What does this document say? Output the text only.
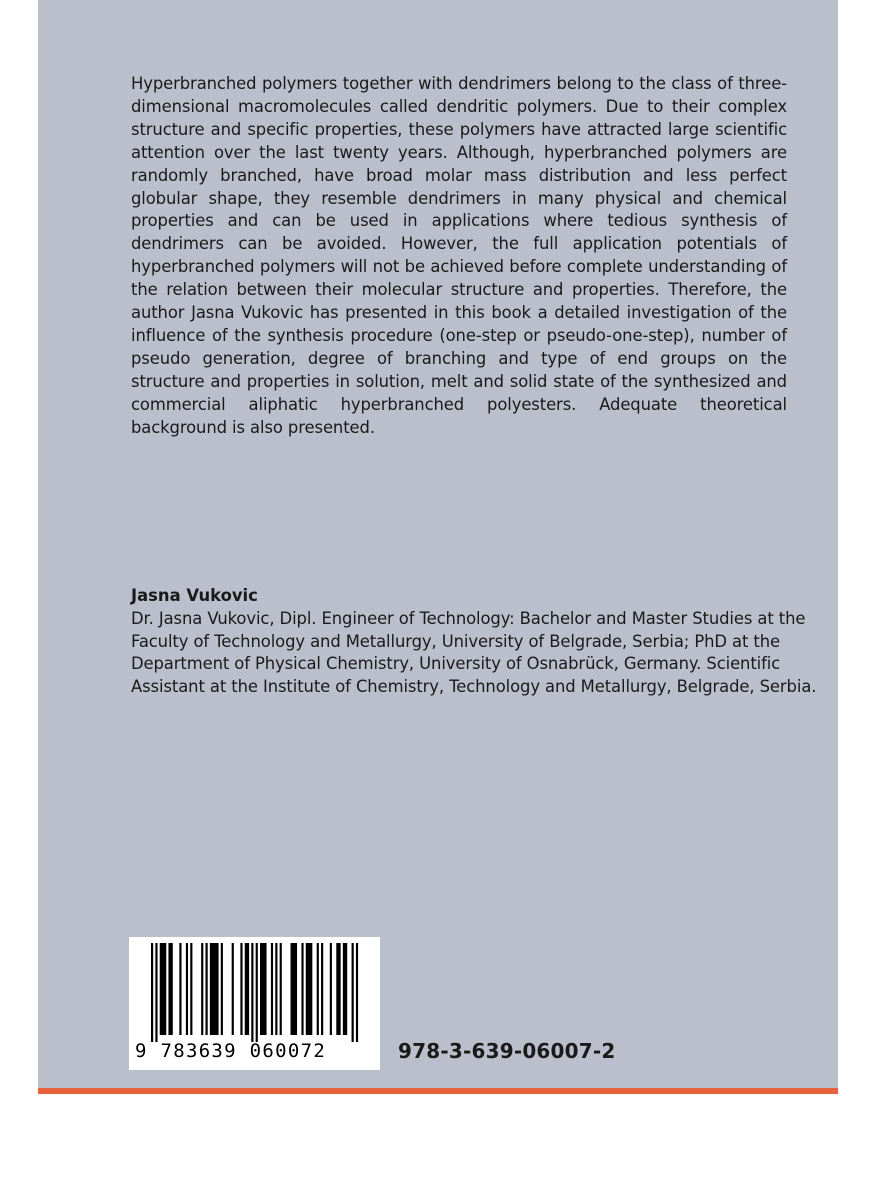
Hyperbranched polymers together with dendrimers belong to the class of three-dimensional macromolecules called dendritic polymers. Due to their complex structure and specific properties, these polymers have attracted large scientific attention over the last twenty years. Although, hyperbranched polymers are randomly branched, have broad molar mass distribution and less perfect globular shape, they resemble dendrimers in many physical and chemical properties and can be used in applications where tedious synthesis of dendrimers can be avoided. However, the full application potentials of hyperbranched polymers will not be achieved before complete understanding of the relation between their molecular structure and properties. Therefore, the author Jasna Vukovic has presented in this book a detailed investigation of the influence of the synthesis procedure (one-step or pseudo-one-step), number of pseudo generation, degree of branching and type of end groups on the structure and properties in solution, melt and solid state of the synthesized and commercial aliphatic hyperbranched polyesters. Adequate theoretical background is also presented.

Jasna Vukovic

Dr. Jasna Vukovic, Dipl. Engineer of Technology: Bachelor and Master Studies at the Faculty of Technology and Metallurgy, University of Belgrade, Serbia; PhD at the Department of Physical Chemistry, University of Osnabrück, Germany. Scientific Assistant at the Institute of Chemistry, Technology and Metallurgy, Belgrade, Serbia.

9 783639 060072	978-3-639-06007-2
